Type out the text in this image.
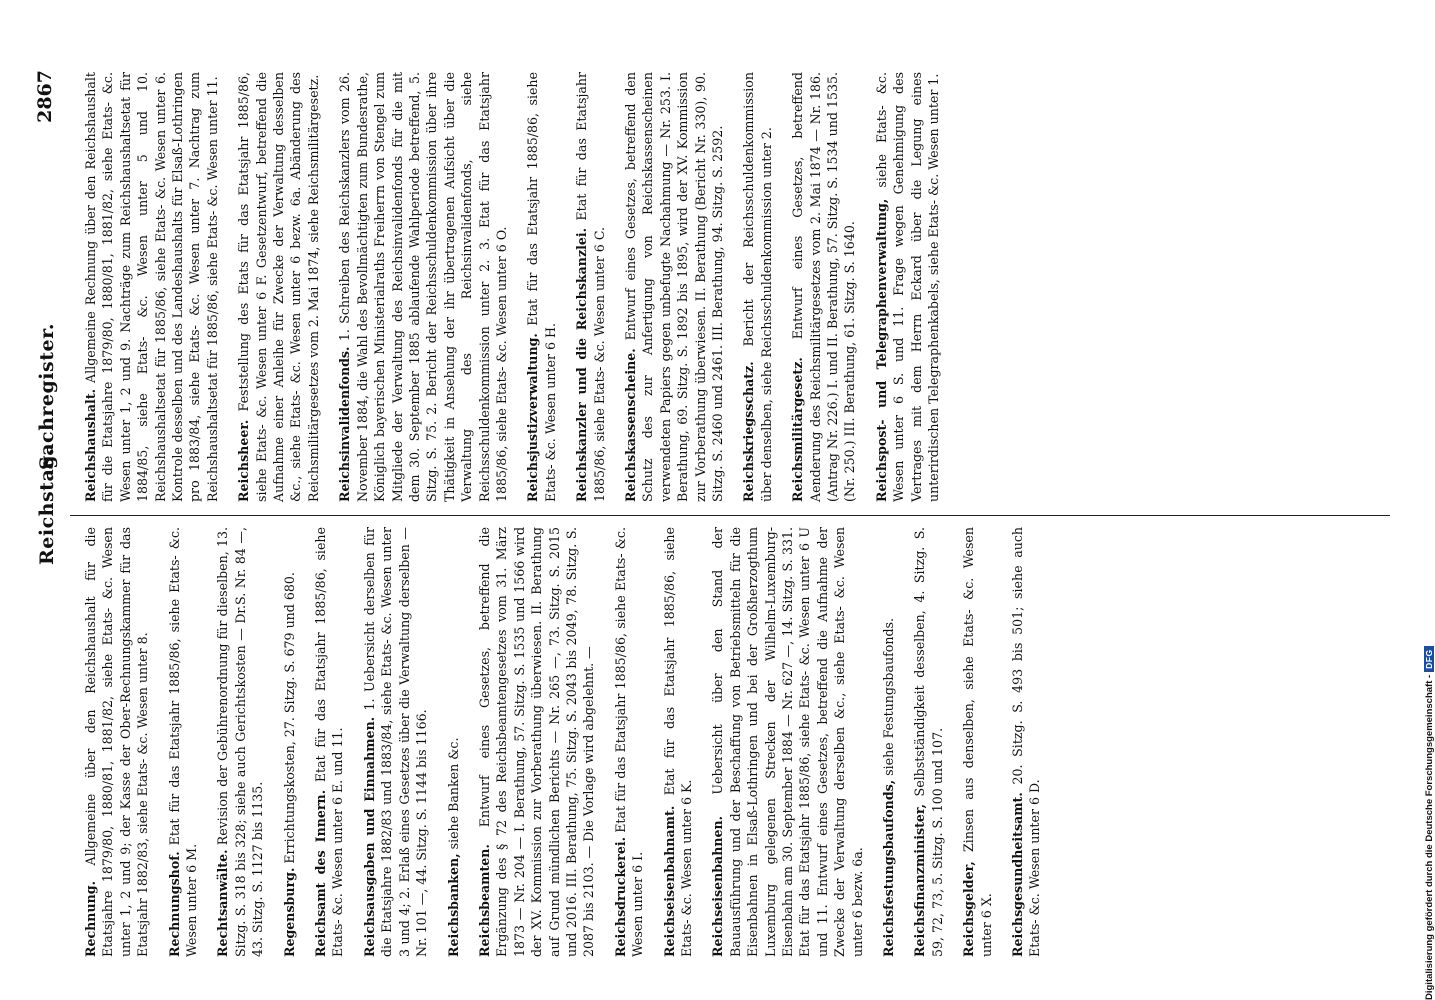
Reichstag.
Sachregister.
2867
Rechnung. Allgemeine über den Reichshaushalt für die Etatsjahre 1879/80, 1880/81, 1881/82, siehe Etats- &c. Wesen unter 1, 2 und 9; der Kasse der Ober-Rechnungskammer für das Etatsjahr 1882/83, siehe Etats- &c. Wesen unter 8. Rechnungshof. Etat für das Etatsjahr 1885/86, siehe Etats- &c. Wesen unter 6 M. Rechtsanwälte. Revision der Gebührenordnung für dieselben, 13. Sitzg. S. 318 bis 328; siehe auch Gerichtskosten — Dr.S. Nr. 84 —, 43. Sitzg. S. 1127 bis 1135. Regensburg. Errichtungskosten, 27. Sitzg. S. 679 und 680.
Reichsamt des Innern. Etat für das Etatsjahr 1885/86, siehe Etats- &c. Wesen unter 6 E. und 11. Reichsausgaben und Einnahmen. 1. Uebersicht derselben für die Etatsjahre 1882/83 und 1883/84, siehe Etats- &c. Wesen unter 3 und 4; 2. Erlaß eines Gesetzes über die Verwaltung derselben — Nr. 101 —, 44. Sitzg. S. 1144 bis 1166. Reichsbanken, siehe Banken &c.
Reichsbeamten. Entwurf eines Gesetzes, betreffend die Ergänzung des § 72 des Reichsbeamtengesetzes vom 31. März 1873 — Nr. 204 — I. Berathung, 57. Sitzg. S. 1535 und 1566 wird der XV. Kommission zur Vorberathung überwiesen. II. Berathung auf Grund mündlichen Berichts — Nr. 265 —, 73. Sitzg. S. 2015 und 2016. III. Berathung, 75. Sitzg. S. 2043 bis 2049, 78. Sitzg. S. 2087 bis 2103. — Die Vorlage wird abgelehnt. — Reichsdruckerei. Etat für das Etatsjahr 1885/86, siehe Etats- &c. Wesen unter 6 I. Reichseisenbahnamt. Etat für das Etatsjahr 1885/86, siehe Etats- &c. Wesen unter 6 K. Reichseisenbahnen. Uebersicht über den Stand der Bauausführung und der Beschaffung von Betriebsmitteln für die Eisenbahnen in Elsaß-Lothringen und bei der Großherzogthum Luxemburg gelegenen Strecken der Wilhelm-Luxemburg-Eisenbahn am 30. September 1884 — Nr. 627 —, 14. Sitzg. S. 331. Etat für das Etatsjahr 1885/86, siehe Etats- &c. Wesen unter 6 U und 11. Entwurf eines Gesetzes, betreffend die Aufnahme der Zwecke der Verwaltung derselben &c., siehe Etats- &c. Wesen unter 6 bezw. 6a. Reichsfestungsbaufonds, siehe Festungsbaufonds.
Reichsfinanzminister, Selbstständigkeit desselben, 4. Sitzg. S. 59, 72, 73, 5. Sitzg. S. 100 und 107. Reichsgelder, Zinsen aus denselben, siehe Etats- &c. Wesen unter 6 X. Reichsgesundheitsamt. 20. Sitzg. S. 493 bis 501; siehe auch Etats- &c. Wesen unter 6 D.
Reichshaushalt. Allgemeine Rechnung über den Reichshaushalt für die Etatsjahre 1879/80, 1880/81, 1881/82, siehe Etats- &c. Wesen unter 1, 2 und 9. Nachträge zum Reichshaushaltsetat für 1884/85, siehe Etats- &c. Wesen unter 5 und 10. Reichshaushaltsetat für 1885/86, siehe Etats- &c. Wesen unter 6. Kontrole desselben und des Landeshaushalts für Elsaß-Lothringen pro 1883/84, siehe Etats- &c. Wesen unter 7. Nachtrag zum Reichshaushaltsetat für 1885/86, siehe Etats- &c. Wesen unter 11. Reichsheer. Feststellung des Etats für das Etatsjahr 1885/86, siehe Etats- &c. Wesen unter 6 F. Gesetzentwurf, betreffend die Aufnahme einer Anleihe für Zwecke der Verwaltung desselben &c., siehe Etats- &c. Wesen unter 6 bezw. 6a. Abänderung des Reichsmilitärgesetzes vom 2. Mai 1874, siehe Reichsmilitärgesetz. Reichsinvalidenfonds. 1. Schreiben des Reichskanzlers vom 26. November 1884, die Wahl des Bevollmächtigten zum Bundesrathe, Königlich bayerischen Ministerialraths Freiherrn von Stengel zum Mitgliede der Verwaltung des Reichsinvalidenfonds für die mit dem 30. September 1885 ablaufende Wahlperiode betreffend, 5. Sitzg. S. 75. 2. Bericht der Reichsschuldenkommission über ihre Thätigkeit in Ansehung der ihr übertragenen Aufsicht über die Verwaltung des Reichsinvalidenfonds, siehe Reichsschuldenkommission unter 2. 3. Etat für das Etatsjahr 1885/86, siehe Etats- &c. Wesen unter 6 O. Reichsjustizverwaltung. Etat für das Etatsjahr 1885/86, siehe Etats- &c. Wesen unter 6 H. Reichskanzler und die Reichskanzlei. Etat für das Etatsjahr 1885/86, siehe Etats- &c. Wesen unter 6 C. Reichskassenscheine. Entwurf eines Gesetzes, betreffend den Schutz des zur Anfertigung von Reichskassenscheinen verwendeten Papiers gegen unbefugte Nachahmung — Nr. 253. I. Berathung, 69. Sitzg. S. 1892 bis 1895, wird der XV. Kommission zur Vorberathung überwiesen. II. Berathung (Bericht Nr. 330), 90. Sitzg. S. 2460 und 2461. III. Berathung, 94. Sitzg. S. 2592. Reichskriegsschatz. Bericht der Reichsschuldenkommission über denselben, siehe Reichsschuldenkommission unter 2. Reichsmilitärgesetz. Entwurf eines Gesetzes, betreffend Aenderung des Reichsmilitärgesetzes vom 2. Mai 1874 — Nr. 186. (Antrag Nr. 226.) I. und II. Berathung, 57. Sitzg. S. 1534 und 1535. (Nr. 250.) III. Berathung, 61. Sitzg. S. 1640. Reichspost- und Telegraphenverwaltung, siehe Etats- &c. Wesen unter 6 S. und 11. Frage wegen Genehmigung des Vertrages mit dem Herrn Eckard über die Legung eines unterirdischen Telegraphenkabels, siehe Etats- &c. Wesen unter 1.
Digitalisierung gefördert durch die Deutsche Forschungsgemeinschaft -DFG
